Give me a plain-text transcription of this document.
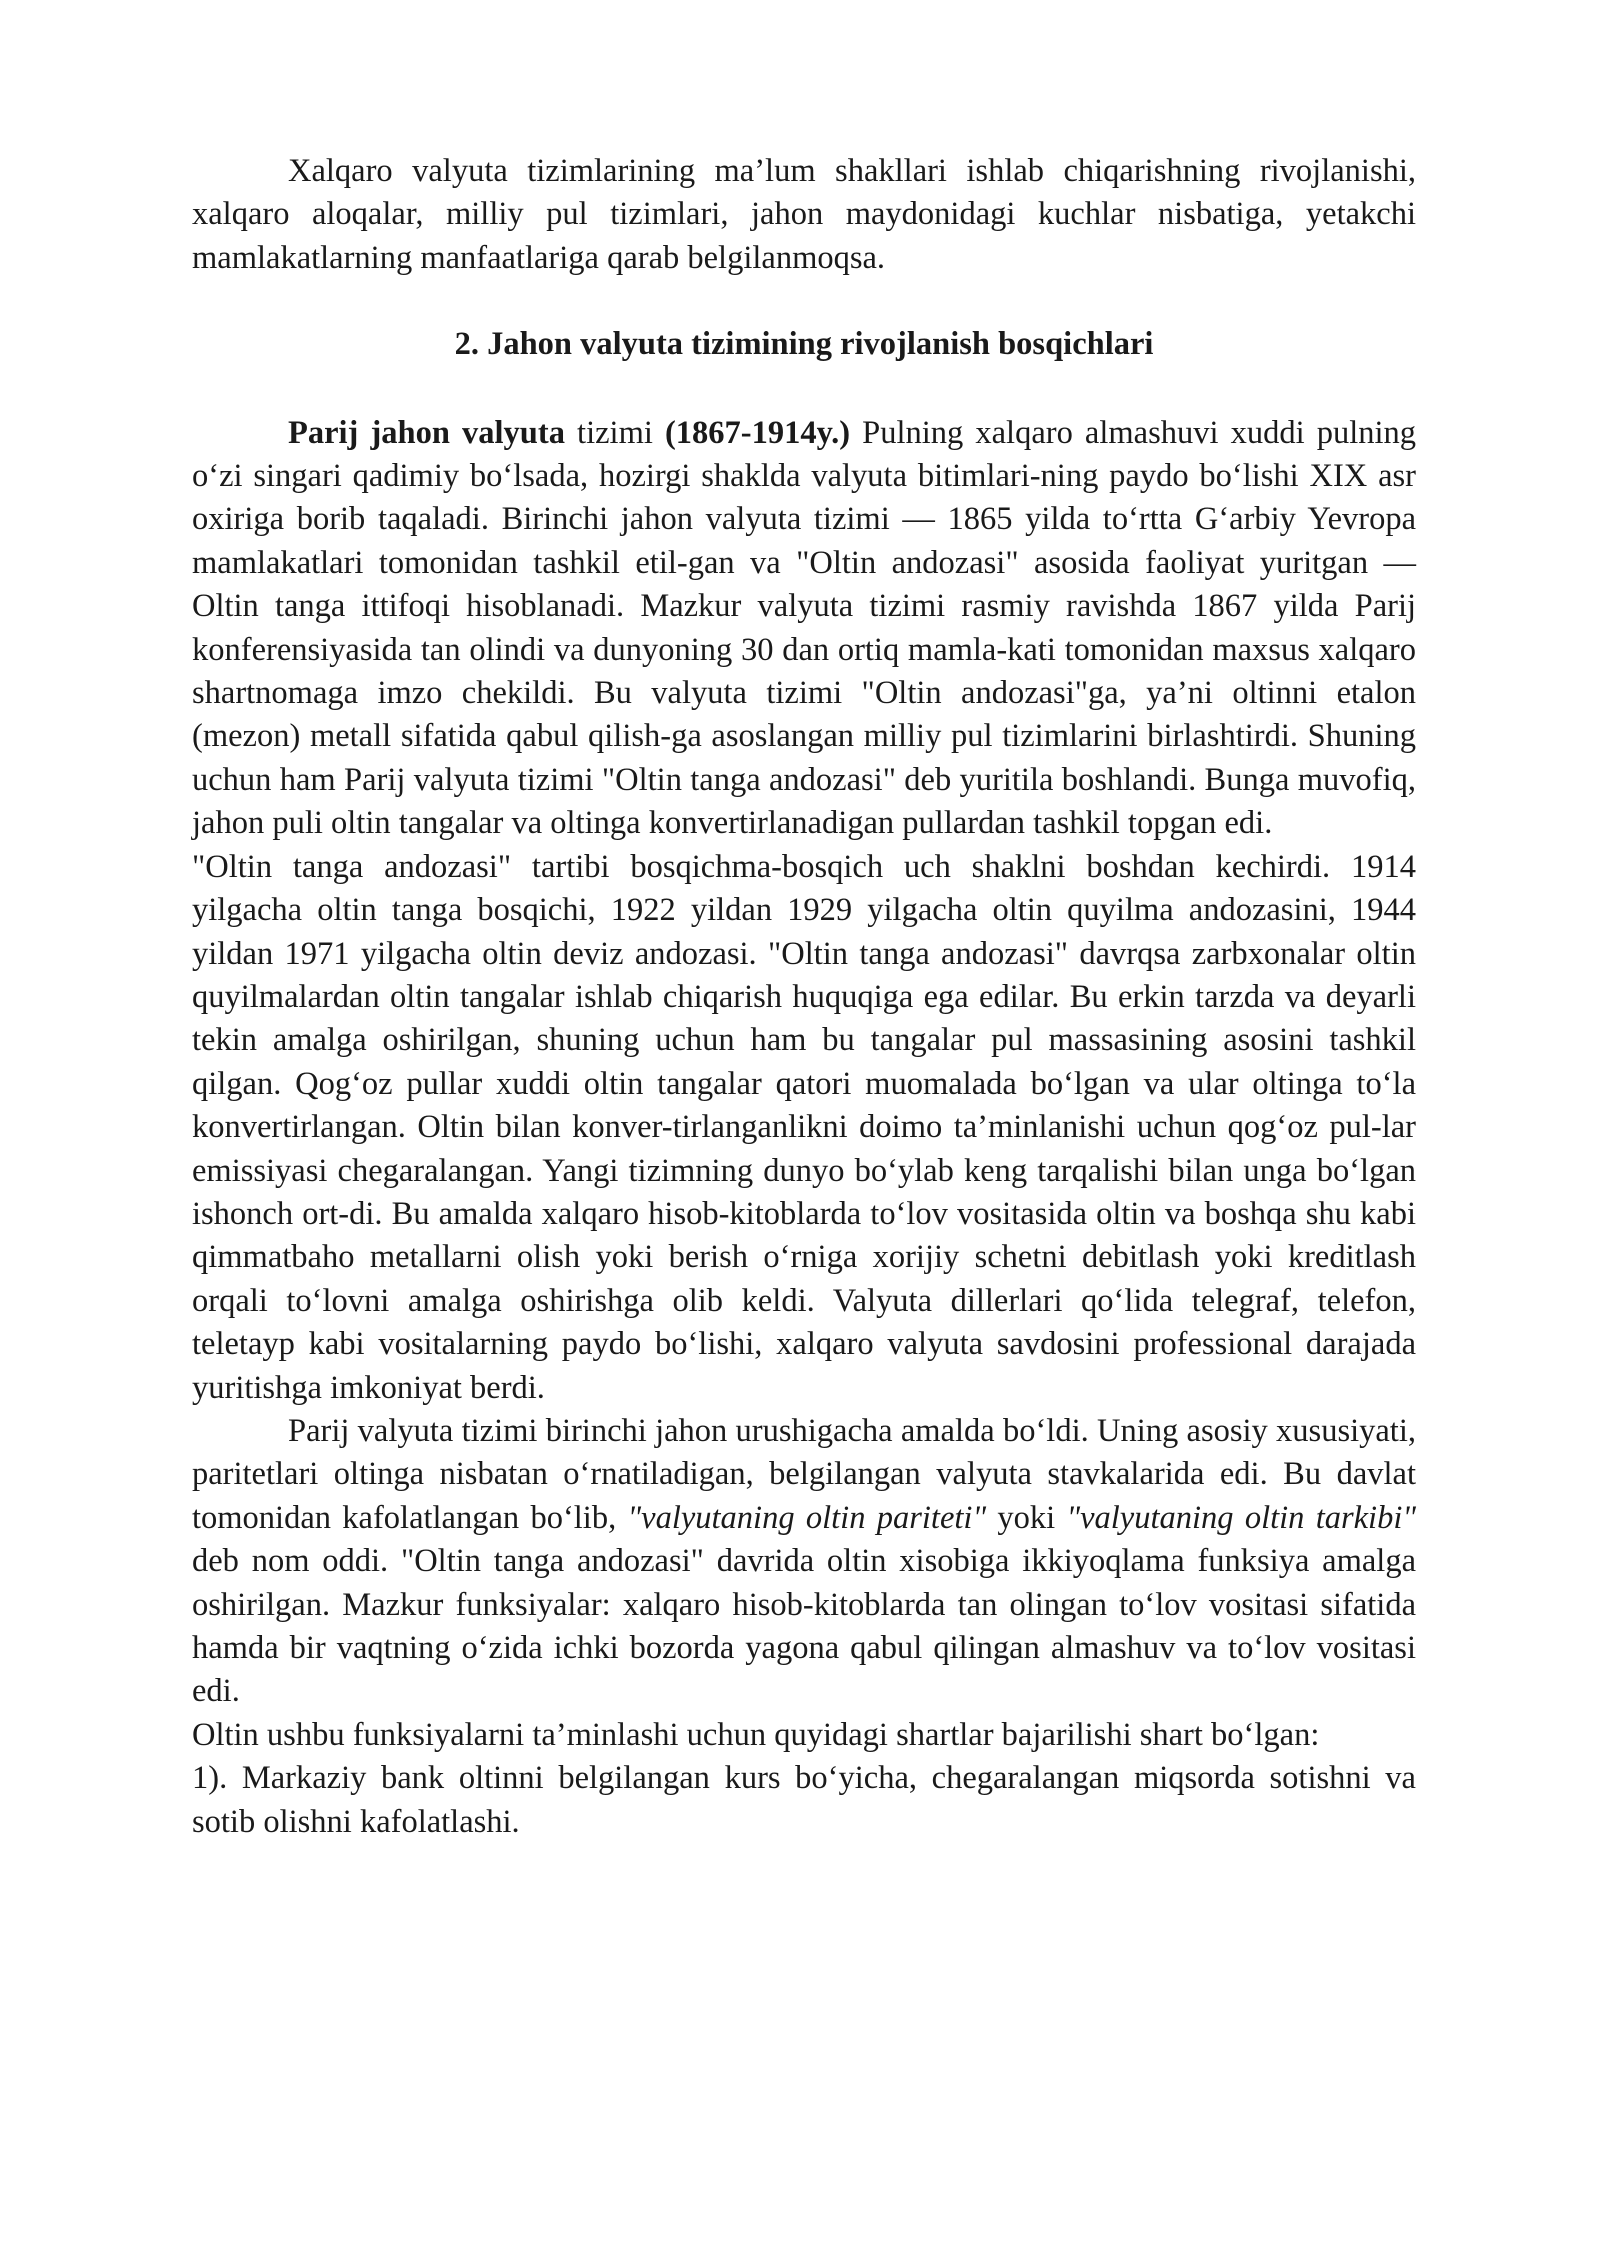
Xalqaro valyuta tizimlarining ma’lum shakllari ishlab chiqarishning rivojlanishi, xalqaro aloqalar, milliy pul tizimlari, jahon maydonidagi kuchlar nisbatiga, yetakchi mamlakatlarning manfaatlariga qarab belgilanmoqsa.

2. Jahon valyuta tizimining rivojlanish bosqichlari

Parij jahon valyuta tizimi (1867-1914y.) Pulning xalqaro almashuvi xuddi pulning o‘zi singari qadimiy bo‘lsada, hozirgi shaklda valyuta bitimlari-ning paydo bo‘lishi XIX asr oxiriga borib taqaladi. Birinchi jahon valyuta tizimi — 1865 yilda to‘rtta G‘arbiy Yevropa mamlakatlari tomonidan tashkil etil-gan va "Oltin andozasi" asosida faoliyat yuritgan — Oltin tanga ittifoqi hisoblanadi. Mazkur valyuta tizimi rasmiy ravishda 1867 yilda Parij konferensiyasida tan olindi va dunyoning 30 dan ortiq mamla-kati tomonidan maxsus xalqaro shartnomaga imzo chekildi. Bu valyuta tizimi "Oltin andozasi"ga, ya’ni oltinni etalon (mezon) metall sifatida qabul qilish-ga asoslangan milliy pul tizimlarini birlashtirdi. Shuning uchun ham Parij valyuta tizimi "Oltin tanga andozasi" deb yuritila boshlandi. Bunga muvofiq, jahon puli oltin tangalar va oltinga konvertirlanadigan pullardan tashkil topgan edi.

"Oltin tanga andozasi" tartibi bosqichma-bosqich uch shaklni boshdan kechirdi. 1914 yilgacha oltin tanga bosqichi, 1922 yildan 1929 yilgacha oltin quyilma andozasini, 1944 yildan 1971 yilgacha oltin deviz andozasi. "Oltin tanga andozasi" davrqsa zarbxonalar oltin quyilmalardan oltin tangalar ishlab chiqarish huquqiga ega edilar. Bu erkin tarzda va deyarli tekin amalga oshirilgan, shuning uchun ham bu tangalar pul massasining asosini tashkil qilgan. Qog‘oz pullar xuddi oltin tangalar qatori muomalada bo‘lgan va ular oltinga to‘la konvertirlangan. Oltin bilan konver-tirlanganlikni doimo ta’minlanishi uchun qog‘oz pul-lar emissiyasi chegaralangan. Yangi tizimning dunyo bo‘ylab keng tarqalishi bilan unga bo‘lgan ishonch ort-di. Bu amalda xalqaro hisob-kitoblarda to‘lov vositasida oltin va boshqa shu kabi qimmatbaho metallarni olish yoki berish o‘rniga xorijiy schetni debitlash yoki kreditlash orqali to‘lovni amalga oshirishga olib keldi. Valyuta dillerlari qo‘lida telegraf, telefon, teletayp kabi vositalarning paydo bo‘lishi, xalqaro valyuta savdosini professional darajada yuritishga imkoniyat berdi.

Parij valyuta tizimi birinchi jahon urushigacha amalda bo‘ldi. Uning asosiy xususiyati, paritetlari oltinga nisbatan o‘rnatiladigan, belgilangan valyuta stavkalarida edi. Bu davlat tomonidan kafolatlangan bo‘lib, "valyutaning oltin pariteti" yoki "valyutaning oltin tarkibi" deb nom oddi. "Oltin tanga andozasi" davrida oltin xisobiga ikkiyoqlama funksiya amalga oshirilgan. Mazkur funksiyalar: xalqaro hisob-kitoblarda tan olingan to‘lov vositasi sifatida hamda bir vaqtning o‘zida ichki bozorda yagona qabul qilingan almashuv va to‘lov vositasi edi.

Oltin ushbu funksiyalarni ta’minlashi uchun quyidagi shartlar bajarilishi shart bo‘lgan:

1). Markaziy bank oltinni belgilangan kurs bo‘yicha, chegaralangan miqsorda sotishni va sotib olishni kafolatlashi.
